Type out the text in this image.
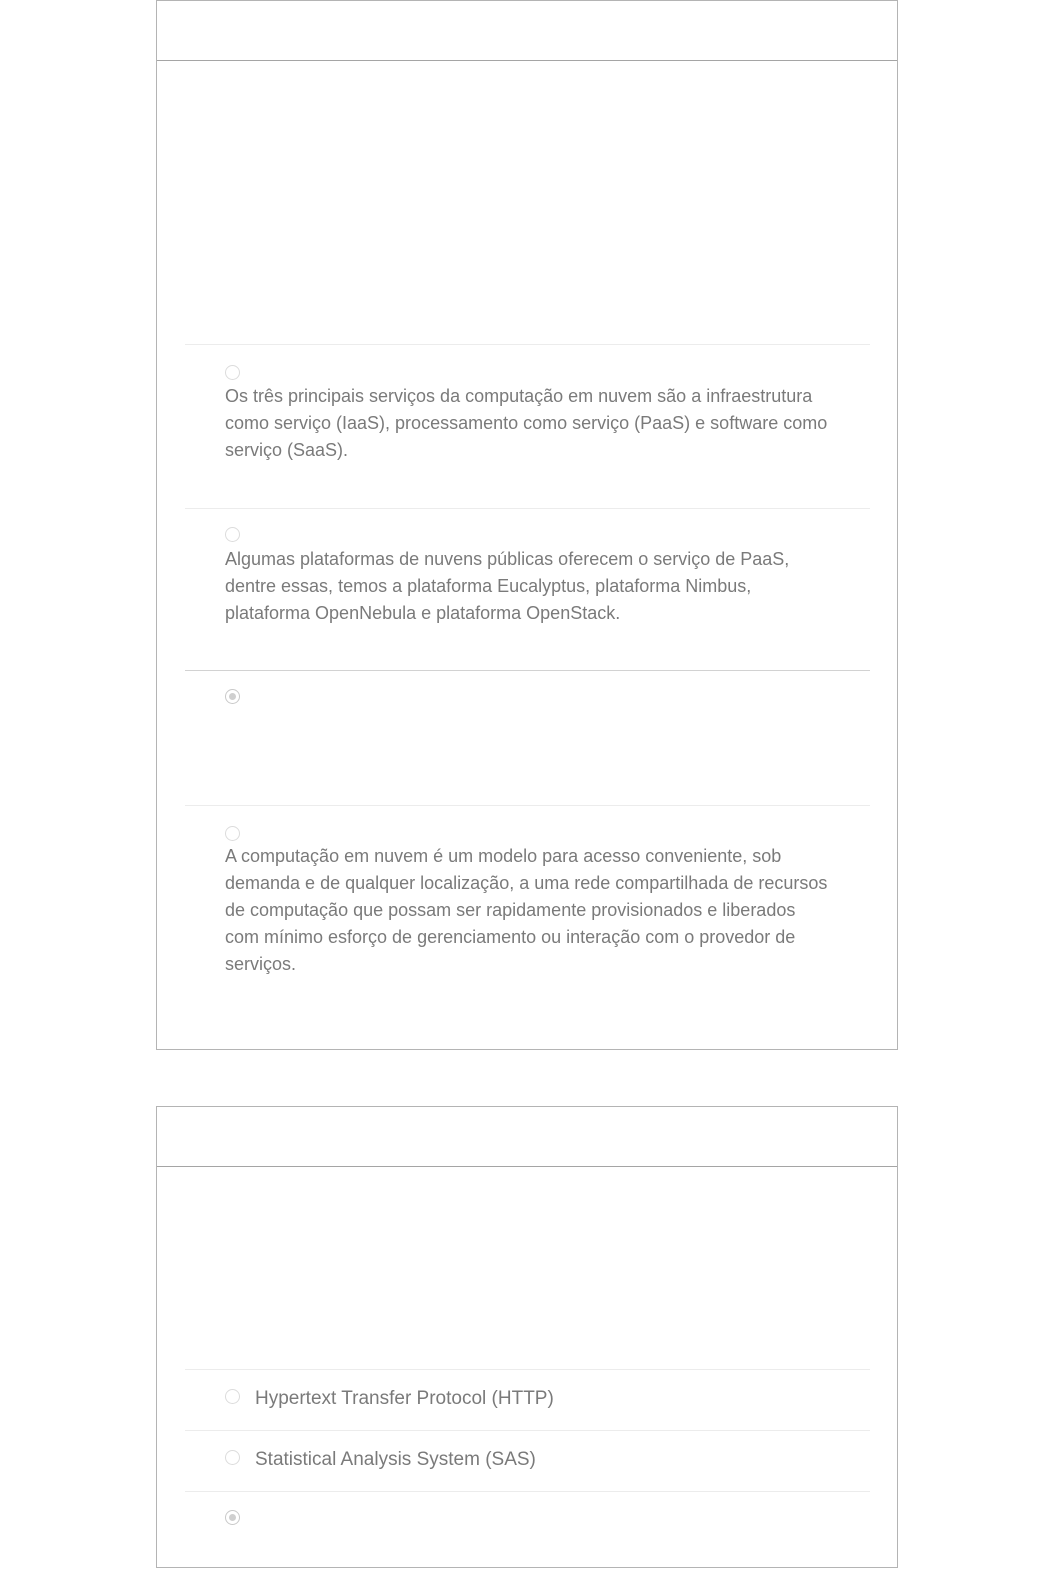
Os três principais serviços da computação em nuvem são a infraestrutura como serviço (IaaS), processamento como serviço (PaaS) e software como serviço (SaaS).
Algumas plataformas de nuvens públicas oferecem o serviço de PaaS, dentre essas, temos a plataforma Eucalyptus, plataforma Nimbus, plataforma OpenNebula e plataforma OpenStack.
A computação em nuvem é um modelo para acesso conveniente, sob demanda e de qualquer localização, a uma rede compartilhada de recursos de computação que possam ser rapidamente provisionados e liberados com mínimo esforço de gerenciamento ou interação com o provedor de serviços.
Hypertext Transfer Protocol (HTTP)
Statistical Analysis System (SAS)
